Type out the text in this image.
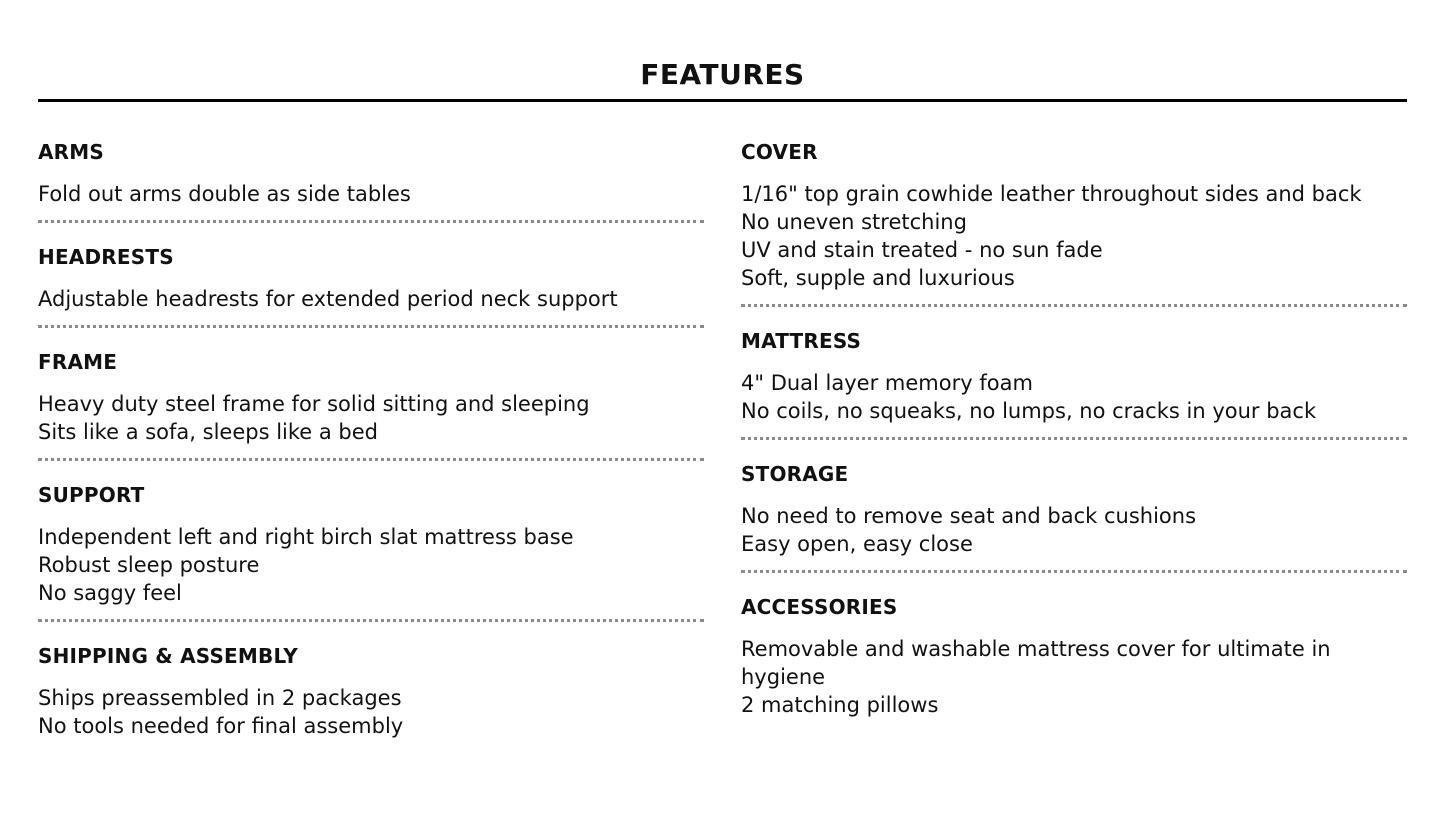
FEATURES
ARMS
Fold out arms double as side tables
HEADRESTS
Adjustable headrests for extended period neck support
FRAME
Heavy duty steel frame for solid sitting and sleeping
Sits like a sofa, sleeps like a bed
SUPPORT
Independent left and right birch slat mattress base
Robust sleep posture
No saggy feel
SHIPPING & ASSEMBLY
Ships preassembled in 2 packages
No tools needed for final assembly
COVER
1/16" top grain cowhide leather throughout sides and back
No uneven stretching
UV and stain treated - no sun fade
Soft, supple and luxurious
MATTRESS
4" Dual layer memory foam
No coils, no squeaks, no lumps, no cracks in your back
STORAGE
No need to remove seat and back cushions
Easy open, easy close
ACCESSORIES
Removable and washable mattress cover for ultimate in hygiene
2 matching pillows
